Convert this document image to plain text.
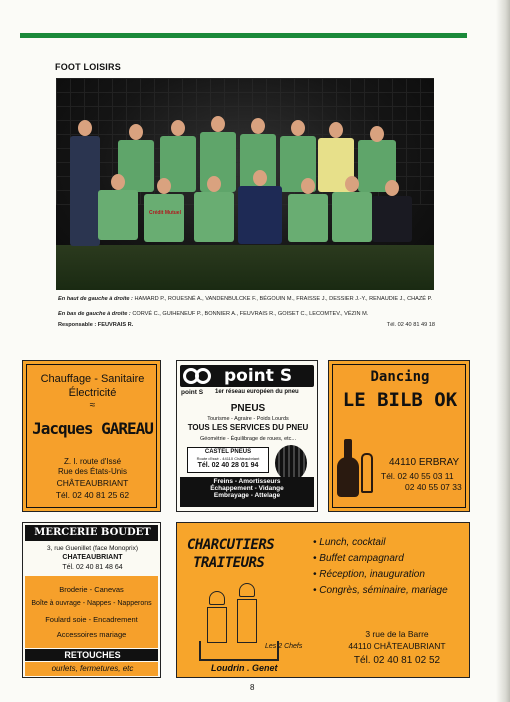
FOOT LOISIRS
Crédit Mutuel
En haut de gauche à droite : HAMARD P., ROUESNÉ A., VANDENBULCKE F., BÉGOUIN M., FRAISSE J., DESSIER J.-Y., RENAUDIE J., CHAZÉ P.
En bas de gauche à droite : CORVÉ C., GUIHENEUF P., BONNIER A., FEUVRAIS R., GOISET C., LECOMTEV., VÉZIN M.
Responsable : FEUVRAIS R.	Tél. 02 40 81 49 18
Chauffage - Sanitaire
Électricité
≈
Jacques GAREAU
Z. I. route d'Issé
Rue des États-Unis
CHÂTEAUBRIANT
Tél. 02 40 81 25 62
point S
point S 1er réseau européen du pneu
PNEUS
Tourisme - Agraire - Poids Lourds
TOUS LES SERVICES DU PNEU
Géométrie - Équilibrage de roues, etc...
CASTEL PNEUS
Route d'Issé - 44110 Châteaubriant
Tél. 02 40 28 01 94
Freins - Amortisseurs
Échappement - Vidange
Embrayage - Attelage
Dancing
LE BILB OK
44110 ERBRAY
Tél. 02 40 55 03 11
02 40 55 07 33
MERCERIE BOUDET
3, rue Guenillet (face Monoprix)
CHATEAUBRIANT
Tél. 02 40 81 48 64
Broderie - Canevas
Boîte à ouvrage - Nappes - Napperons
Foulard soie - Encadrement
Accessoires mariage
RETOUCHES
ourlets, fermetures, etc
CHARCUTIERS
TRAITEURS
• Lunch, cocktail
• Buffet campagnard
• Réception, inauguration
• Congrès, séminaire, mariage
Les 2 Chefs
Loudrin . Genet
3 rue de la Barre
44110 CHÂTEAUBRIANT
Tél. 02 40 81 02 52
8
